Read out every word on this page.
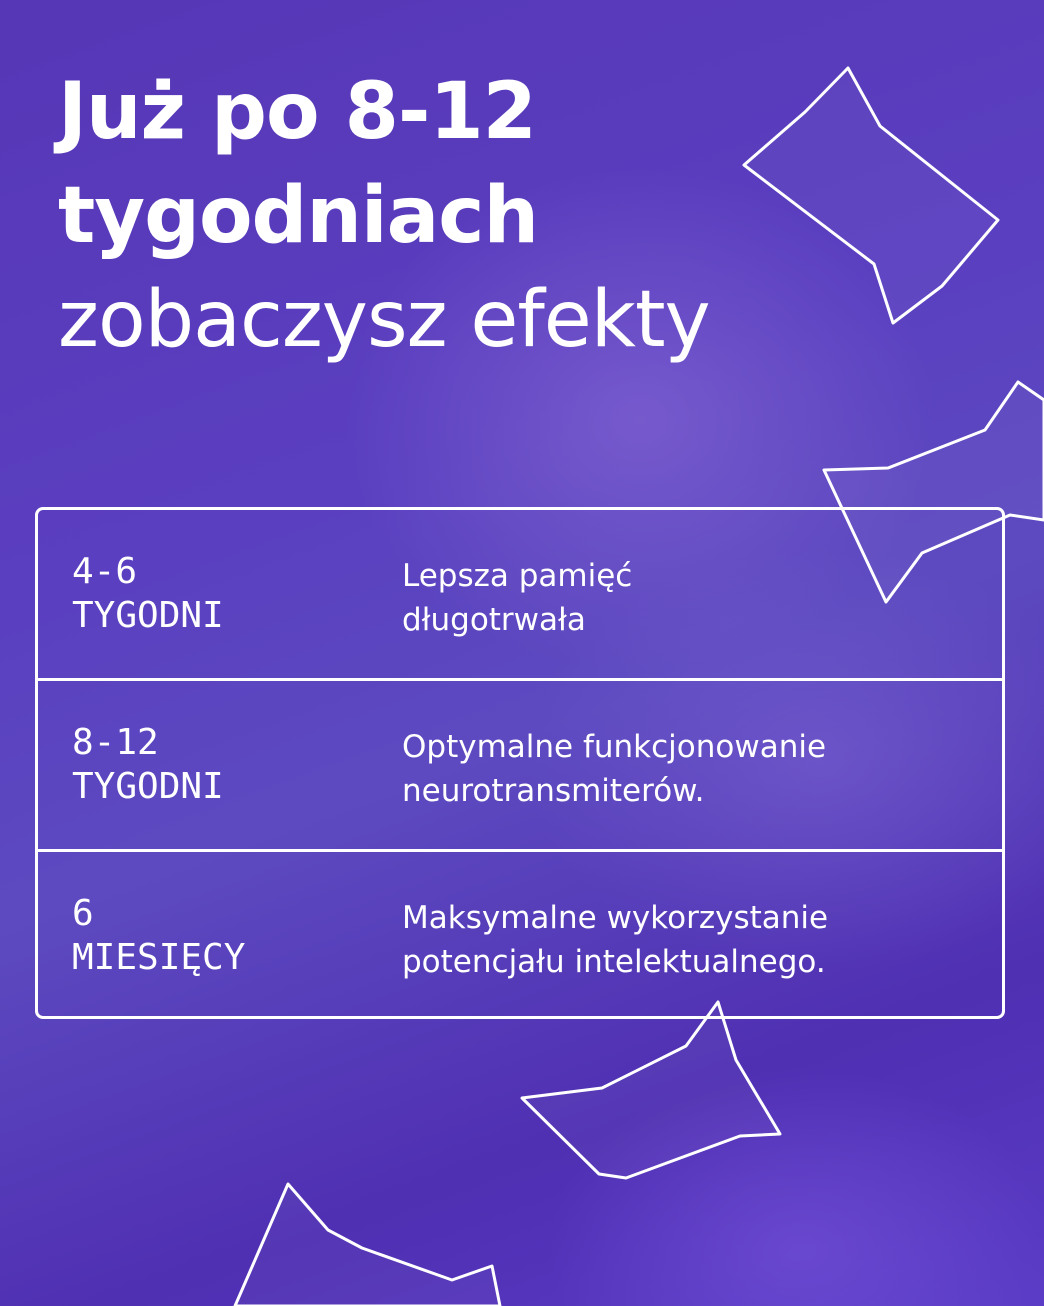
Już po 8-12
tygodniach
zobaczysz efekty
4-6
TYGODNI
Lepsza pamięć
długotrwała
8-12
TYGODNI
Optymalne funkcjonowanie
neurotransmiterów.
6
MIESIĘCY
Maksymalne wykorzystanie
potencjału intelektualnego.
